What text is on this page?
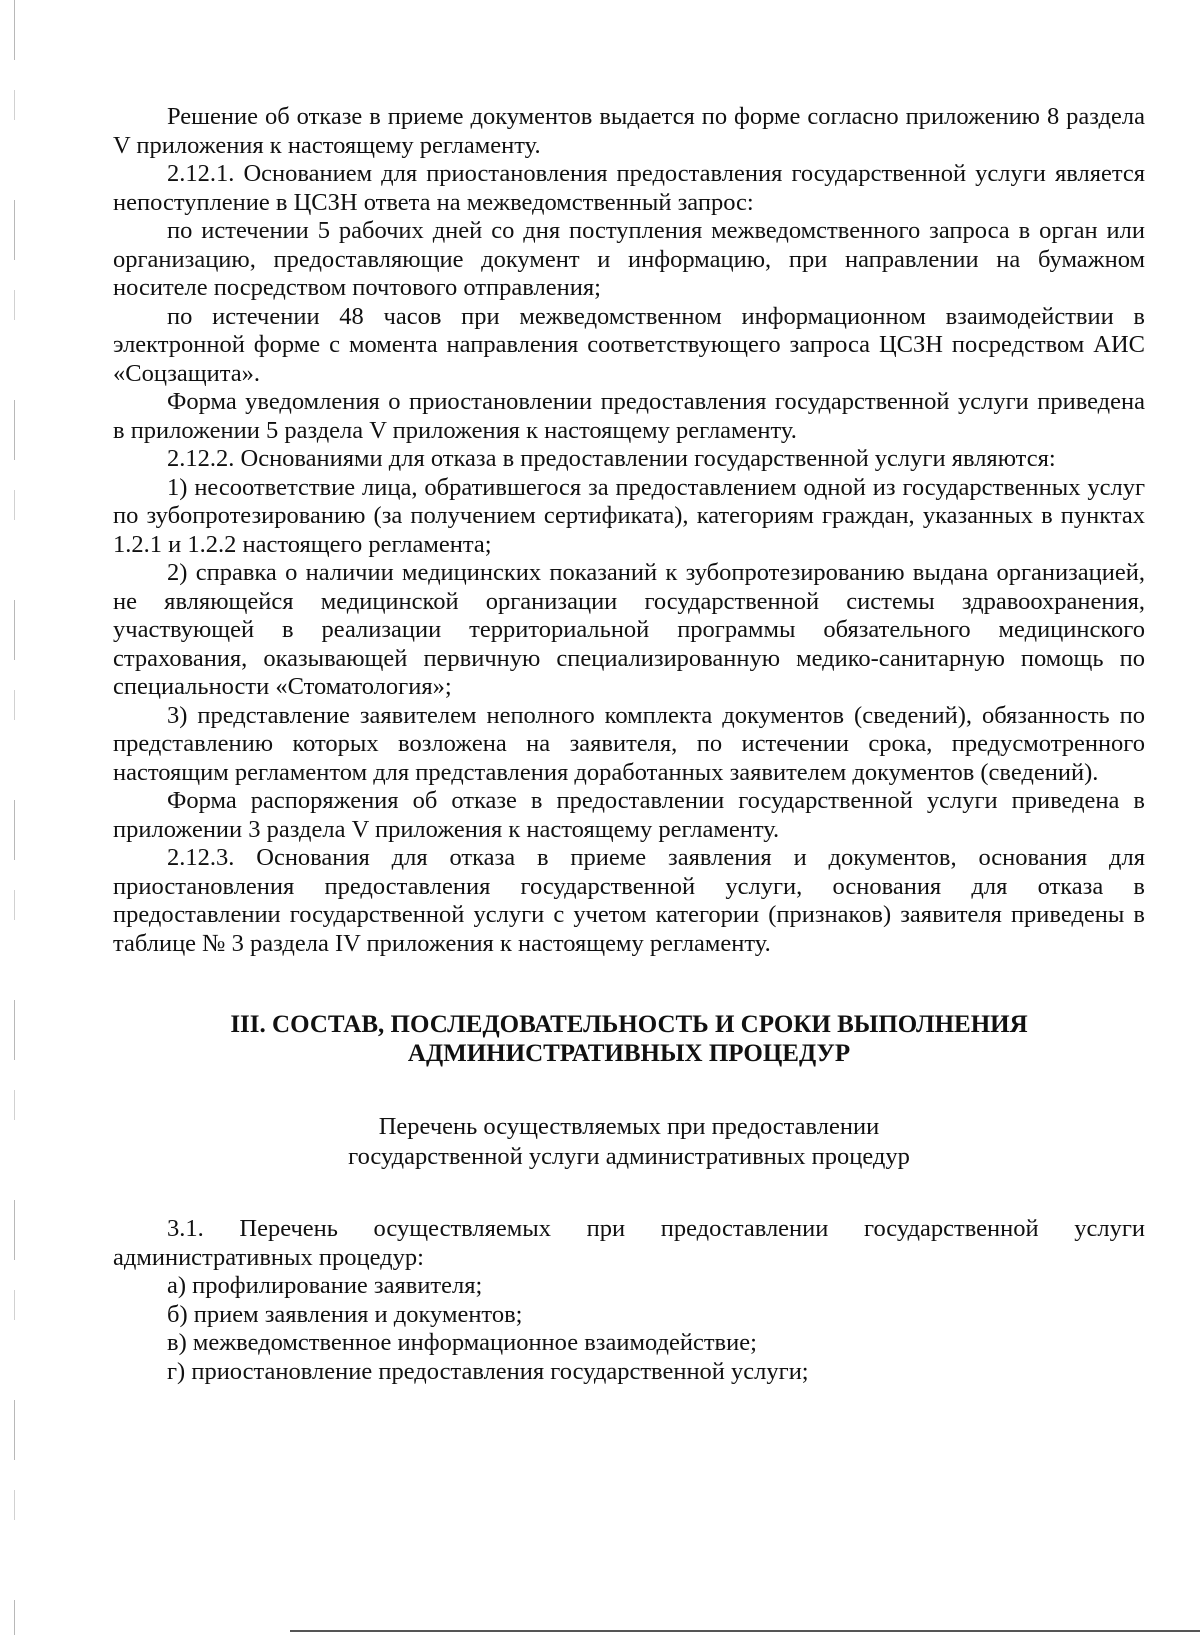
Решение об отказе в приеме документов выдается по форме согласно приложению 8 раздела V приложения к настоящему регламенту.

2.12.1. Основанием для приостановления предоставления государственной услуги является непоступление в ЦСЗН ответа на межведомственный запрос:

по истечении 5 рабочих дней со дня поступления межведомственного запроса в орган или организацию, предоставляющие документ и информацию, при направлении на бумажном носителе посредством почтового отправления;

по истечении 48 часов при межведомственном информационном взаимодействии в электронной форме с момента направления соответствующего запроса ЦСЗН посредством АИС «Соцзащита».

Форма уведомления о приостановлении предоставления государственной услуги приведена в приложении 5 раздела V приложения к настоящему регламенту.

2.12.2. Основаниями для отказа в предоставлении государственной услуги являются:

1) несоответствие лица, обратившегося за предоставлением одной из государственных услуг по зубопротезированию (за получением сертификата), категориям граждан, указанных в пунктах 1.2.1 и 1.2.2 настоящего регламента;

2) справка о наличии медицинских показаний к зубопротезированию выдана организацией, не являющейся медицинской организации государственной системы здравоохранения, участвующей в реализации территориальной программы обязательного медицинского страхования, оказывающей первичную специализированную медико-санитарную помощь по специальности «Стоматология»;

3) представление заявителем неполного комплекта документов (сведений), обязанность по представлению которых возложена на заявителя, по истечении срока, предусмотренного настоящим регламентом для представления доработанных заявителем документов (сведений).

Форма распоряжения об отказе в предоставлении государственной услуги приведена в приложении 3 раздела V приложения к настоящему регламенту.

2.12.3. Основания для отказа в приеме заявления и документов, основания для приостановления предоставления государственной услуги, основания для отказа в предоставлении государственной услуги с учетом категории (признаков) заявителя приведены в таблице № 3 раздела IV приложения к настоящему регламенту.

III. СОСТАВ, ПОСЛЕДОВАТЕЛЬНОСТЬ И СРОКИ ВЫПОЛНЕНИЯ
АДМИНИСТРАТИВНЫХ ПРОЦЕДУР
Перечень осуществляемых при предоставлении
государственной услуги административных процедур

3.1. Перечень осуществляемых при предоставлении государственной услуги административных процедур:

а) профилирование заявителя;

б) прием заявления и документов;

в) межведомственное информационное взаимодействие;

г) приостановление предоставления государственной услуги;
